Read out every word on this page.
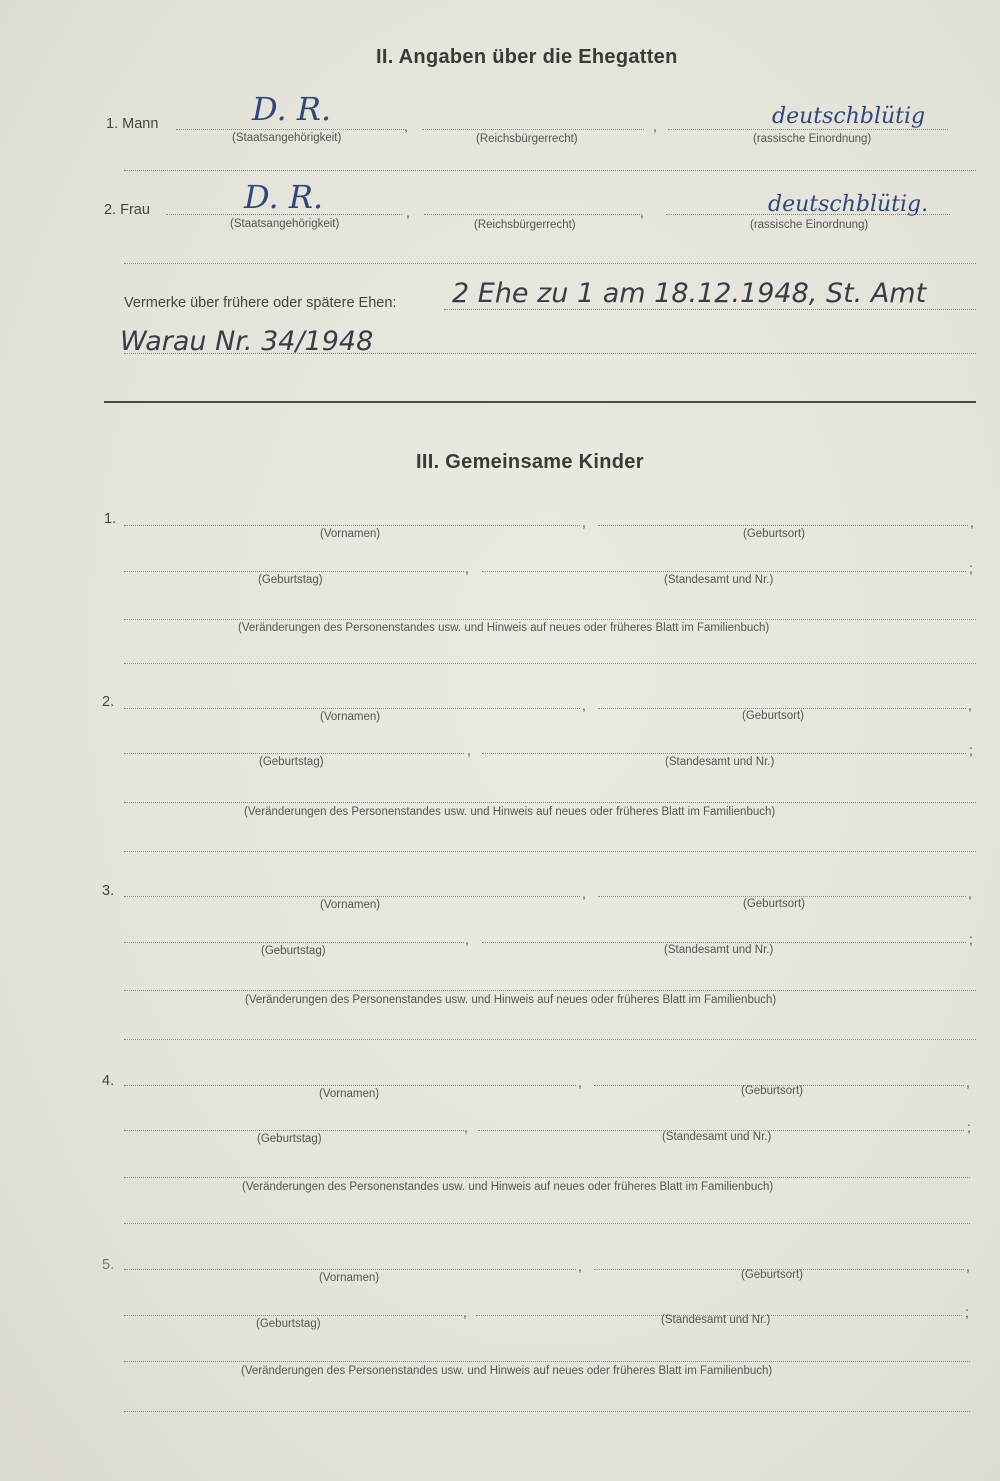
II. Angaben über die Ehegatten
1. Mann	D. R.	,	,	deutschblütig
(Staatsangehörigkeit)	(Reichsbürgerrecht)	(rassische Einordnung)
2. Frau	D. R.	,	,	deutschblütig.
(Staatsangehörigkeit)	(Reichsbürgerrecht)	(rassische Einordnung)
Vermerke über frühere oder spätere Ehen: 2 Ehe zu 1 am 18.12.1948, St. Amt
Warau Nr. 34/1948
III. Gemeinsame Kinder
1.	,	,
(Vornamen)	(Geburtsort)
,	;
(Geburtstag)	(Standesamt und Nr.)
(Veränderungen des Personenstandes usw. und Hinweis auf neues oder früheres Blatt im Familienbuch)
2.	,	,
(Vornamen)	(Geburtsort)
,	;
(Geburtstag)	(Standesamt und Nr.)
(Veränderungen des Personenstandes usw. und Hinweis auf neues oder früheres Blatt im Familienbuch)
3.	,	,
(Vornamen)	(Geburtsort)
,	;
(Geburtstag)	(Standesamt und Nr.)
(Veränderungen des Personenstandes usw. und Hinweis auf neues oder früheres Blatt im Familienbuch)
4.	,	,
(Vornamen)	(Geburtsort)
,	;
(Geburtstag)	(Standesamt und Nr.)
(Veränderungen des Personenstandes usw. und Hinweis auf neues oder früheres Blatt im Familienbuch)
5.	,	,
(Vornamen)	(Geburtsort)
,	;
(Geburtstag)	(Standesamt und Nr.)
(Veränderungen des Personenstandes usw. und Hinweis auf neues oder früheres Blatt im Familienbuch)
